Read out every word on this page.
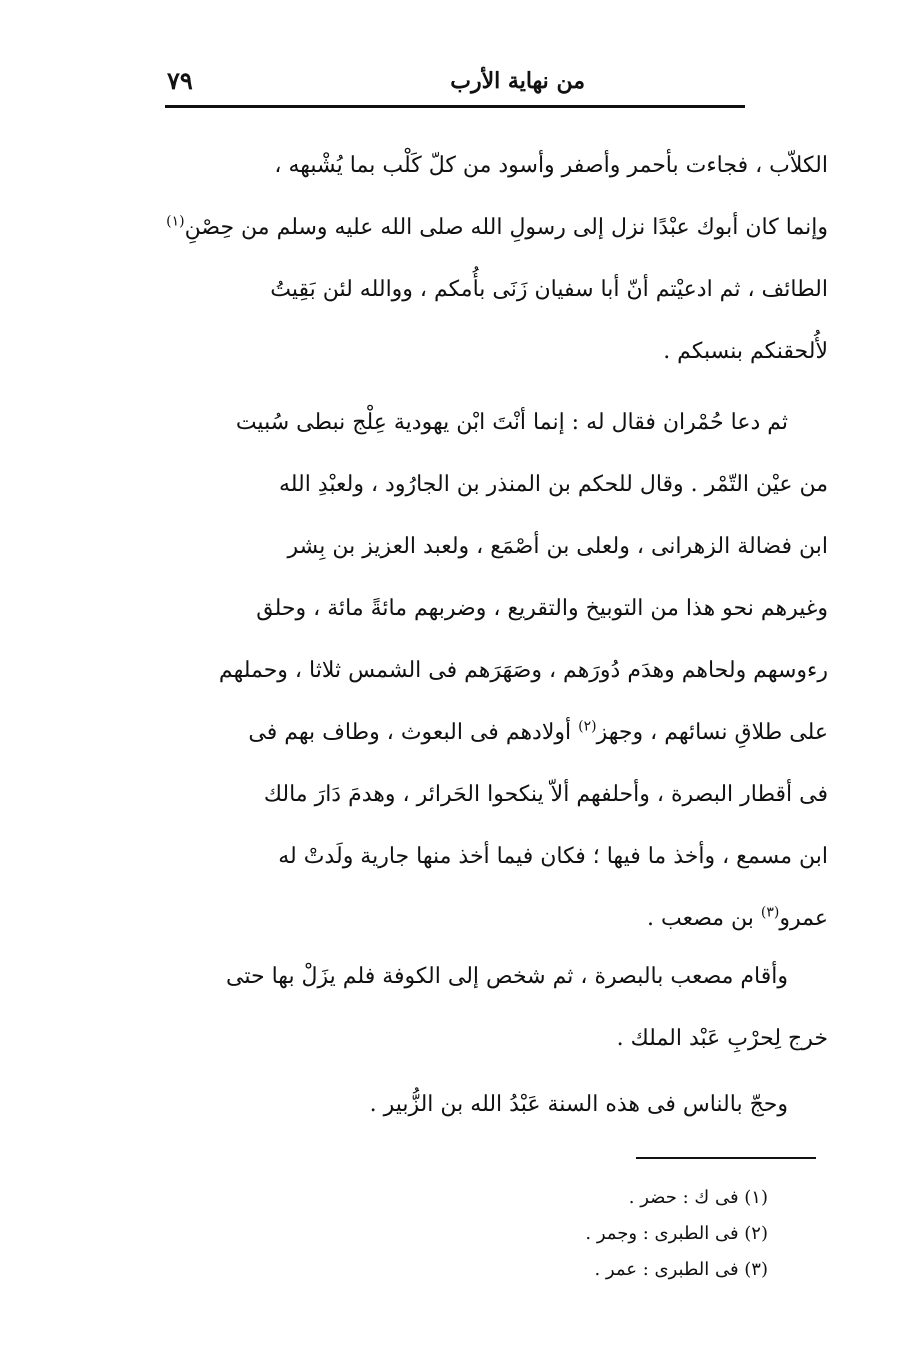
من نهاية الأرب
٧٩
الكلاّب ، فجاءت بأحمر وأصفر وأسود من كلّ كَلْب بما يُشْبهه ،
وإنما كان أبوك عبْدًا نزل إلى رسولِ الله صلى الله عليه وسلم من حِصْنِ$^{(١)}$
الطائف ، ثم ادعيْتم أنّ أبا سفيان زَنَى بأُمكم ، ووالله لئن بَقِيتُ
لأُلحقنكم بنسبكم .
ثم دعا حُمْران فقال له : إنما أنْتَ ابْن يهودية عِلْج نبطى سُبيت
من عيْن التّمْر . وقال للحكم بن المنذر بن الجارُود ، ولعبْدِ الله
ابن فضالة الزهرانى ، ولعلى بن أصْمَع ، ولعبد العزيز بن بِشر
وغيرهم نحو هذا من التوبيخ والتقريع ، وضربهم مائةً مائة ، وحلق
رءوسهم ولحاهم وهدَم دُورَهم ، وصَهَرَهم فى الشمس ثلاثا ، وحملهم
على طلاقِ نسائهم ، وجهز$^{(٢)}$ أولادهم فى البعوث ، وطاف بهم فى
فى أقطار البصرة ، وأحلفهم ألاّ ينكحوا الحَرائر ، وهدمَ دَارَ مالك
ابن مسمع ، وأخذ ما فيها ؛ فكان فيما أخذ منها جارية ولَدتْ له
عمرو$^{(٣)}$ بن مصعب .
وأقام مصعب بالبصرة ، ثم شخص إلى الكوفة فلم يزَلْ بها حتى
خرج لِحرْبِ عَبْد الملك .
وحجّ بالناس فى هذه السنة عَبْدُ الله بن الزُّبير .
(١) فى ك : حضر .
(٢) فى الطبرى : وجمر .
(٣) فى الطبرى : عمر .
